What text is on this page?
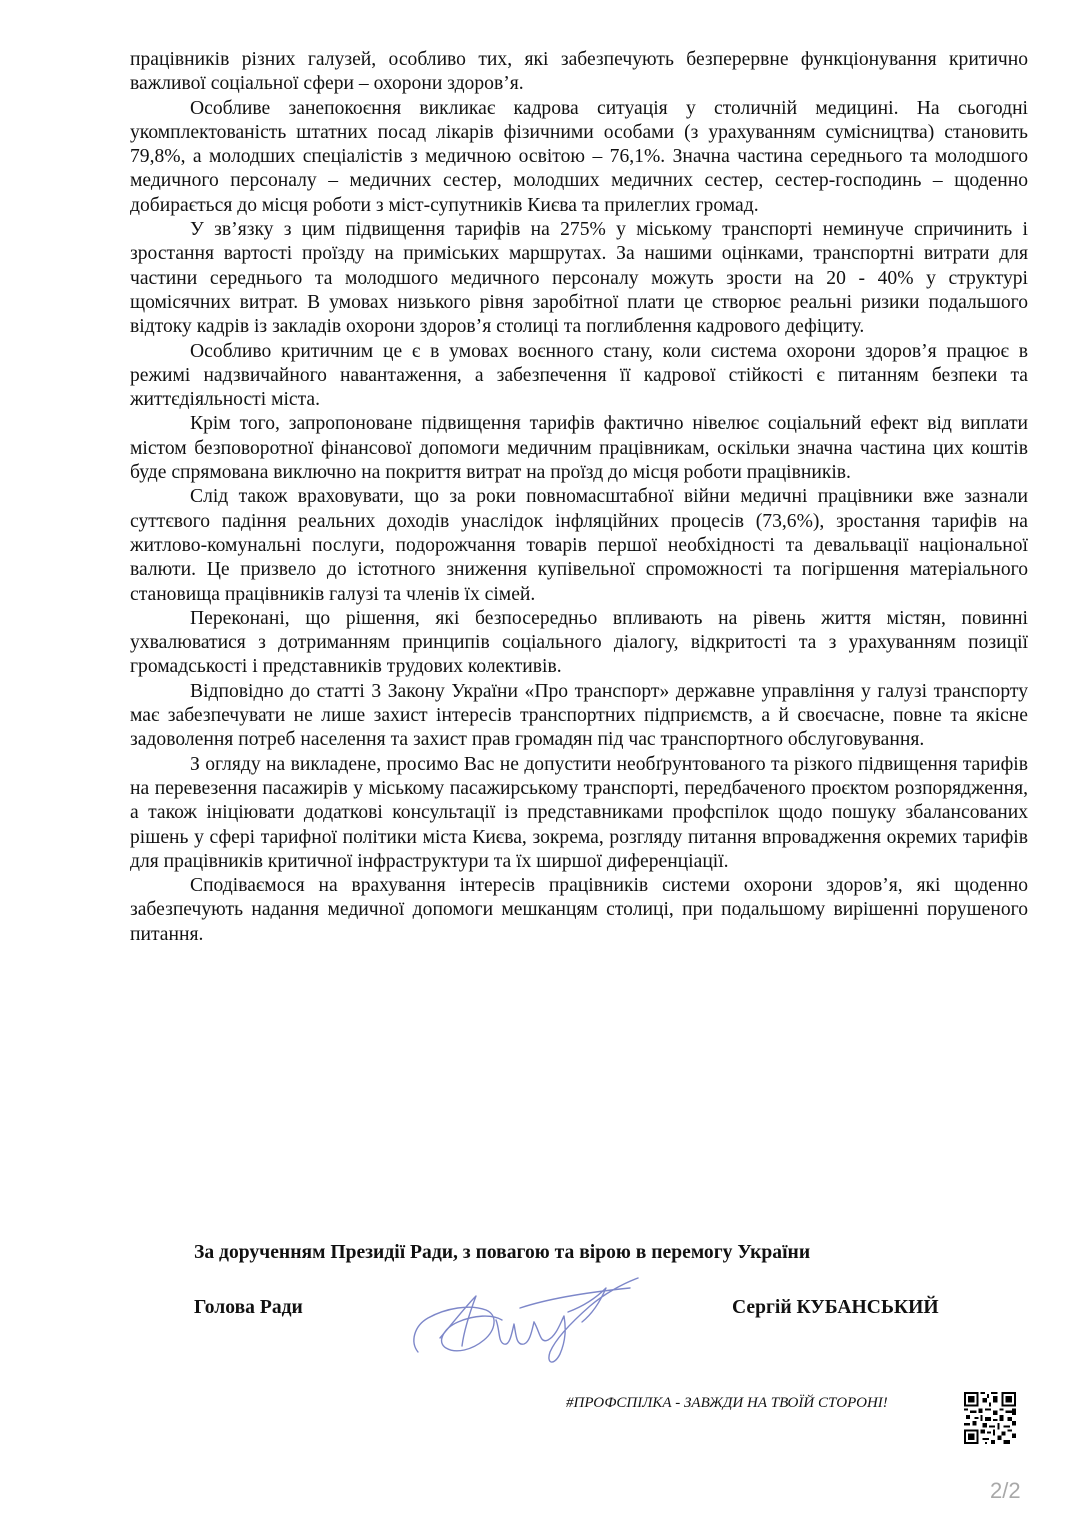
працівників різних галузей, особливо тих, які забезпечують безперервне функціонування критично важливої соціальної сфери – охорони здоров’я.

Особливе занепокоєння викликає кадрова ситуація у столичній медицині. На сьогодні укомплектованість штатних посад лікарів фізичними особами (з урахуванням сумісництва) становить 79,8%, а молодших спеціалістів з медичною освітою – 76,1%. Значна частина середнього та молодшого медичного персоналу – медичних сестер, молодших медичних сестер, сестер-господинь – щоденно добирається до місця роботи з міст-супутників Києва та прилеглих громад.

У зв’язку з цим підвищення тарифів на 275% у міському транспорті неминуче спричинить і зростання вартості проїзду на приміських маршрутах. За нашими оцінками, транспортні витрати для частини середнього та молодшого медичного персоналу можуть зрости на 20 - 40% у структурі щомісячних витрат. В умовах низького рівня заробітної плати це створює реальні ризики подальшого відтоку кадрів із закладів охорони здоров’я столиці та поглиблення кадрового дефіциту.

Особливо критичним це є в умовах воєнного стану, коли система охорони здоров’я працює в режимі надзвичайного навантаження, а забезпечення її кадрової стійкості є питанням безпеки та життєдіяльності міста.

Крім того, запропоноване підвищення тарифів фактично нівелює соціальний ефект від виплати містом безповоротної фінансової допомоги медичним працівникам, оскільки значна частина цих коштів буде спрямована виключно на покриття витрат на проїзд до місця роботи працівників.

Слід також враховувати, що за роки повномасштабної війни медичні працівники вже зазнали суттєвого падіння реальних доходів унаслідок інфляційних процесів (73,6%), зростання тарифів на житлово-комунальні послуги, подорожчання товарів першої необхідності та девальвації національної валюти. Це призвело до істотного зниження купівельної спроможності та погіршення матеріального становища працівників галузі та членів їх сімей.

Переконані, що рішення, які безпосередньо впливають на рівень життя містян, повинні ухвалюватися з дотриманням принципів соціального діалогу, відкритості та з урахуванням позиції громадськості і представників трудових колективів.

Відповідно до статті 3 Закону України «Про транспорт» державне управління у галузі транспорту має забезпечувати не лише захист інтересів транспортних підприємств, а й своєчасне, повне та якісне задоволення потреб населення та захист прав громадян під час транспортного обслуговування.

З огляду на викладене, просимо Вас не допустити необґрунтованого та різкого підвищення тарифів на перевезення пасажирів у міському пасажирському транспорті, передбаченого проєктом розпорядження, а також ініціювати додаткові консультації із представниками профспілок щодо пошуку збалансованих рішень у сфері тарифної політики міста Києва, зокрема, розгляду питання впровадження окремих тарифів для працівників критичної інфраструктури та їх ширшої диференціації.

Сподіваємося на врахування інтересів працівників системи охорони здоров’я, які щоденно забезпечують надання медичної допомоги мешканцям столиці, при подальшому вирішенні порушеного питання.

За дорученням Президії Ради, з повагою та вірою в перемогу України
Голова Ради	Сергій КУБАНСЬКИЙ
#ПРОФСПІЛКА - ЗАВЖДИ НА ТВОЇЙ СТОРОНІ!
2/2
